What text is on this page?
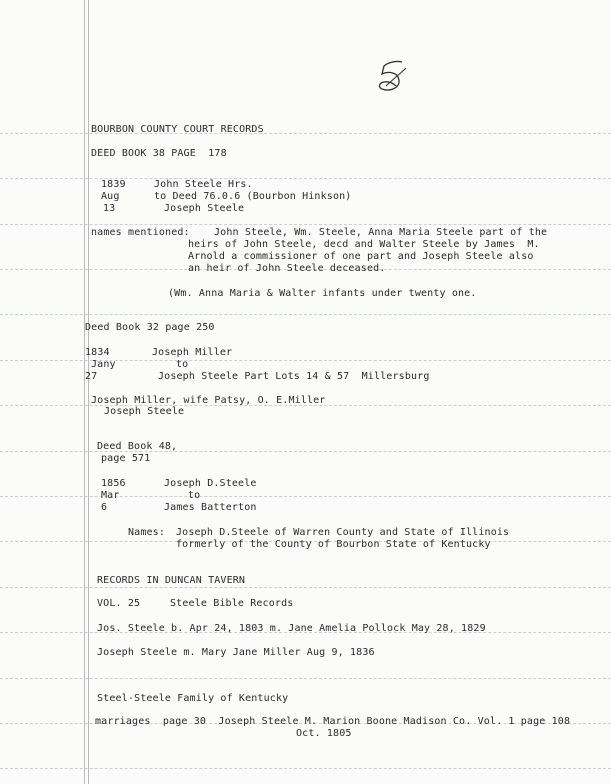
BOURBON COUNTY COURT RECORDS
DEED BOOK 38 PAGE  178
1839
Aug
13
John Steele Hrs.
to Deed 76.0.6 (Bourbon Hinkson)
Joseph Steele
names mentioned: John Steele, Wm. Steele, Anna Maria Steele part of the
heirs of John Steele, decd and Walter Steele by James  M.
Arnold a commissioner of one part and Joseph Steele also
an heir of John Steele deceased.
(Wm. Anna Maria & Walter infants under twenty one.
Deed Book 32 page 250
1834
Jany
27
Joseph Miller
to
Joseph Steele Part Lots 14 & 57  Millersburg
Joseph Miller, wife Patsy, O. E.Miller
Joseph Steele
Deed Book 48,
page 571
1856
Mar
6
Joseph D.Steele
to
James Batterton
Names: Joseph D.Steele of Warren County and State of Illinois
formerly of the County of Bourbon State of Kentucky
RECORDS IN DUNCAN TAVERN
VOL. 25	Steele Bible Records
Jos. Steele b. Apr 24, 1803 m. Jane Amelia Pollock May 28, 1829
Joseph Steele m. Mary Jane Miller Aug 9, 1836
Steel-Steele Family of Kentucky
marriages  page 30  Joseph Steele M. Marion Boone Madison Co. Vol. 1 page 108
Oct. 1805
